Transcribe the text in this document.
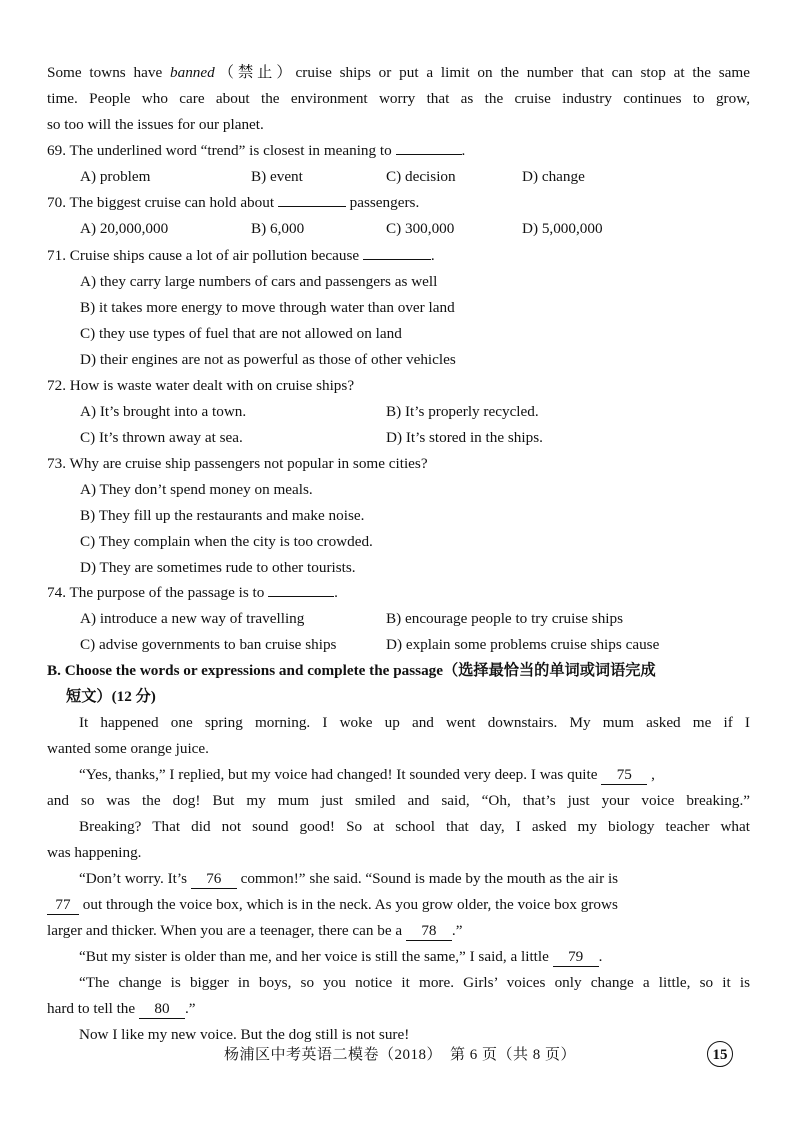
Some towns have banned（禁止）cruise ships or put a limit on the number that can stop at the same
time. People who care about the environment worry that as the cruise industry continues to grow,
so too will the issues for our planet.
69. The underlined word “trend” is closest in meaning to	.
A) problem	B) event	C) decision	D) change
70. The biggest cruise can hold about	passengers.
A) 20,000,000	B) 6,000	C) 300,000	D) 5,000,000
71. Cruise ships cause a lot of air pollution because	.
A) they carry large numbers of cars and passengers as well
B) it takes more energy to move through water than over land
C) they use types of fuel that are not allowed on land
D) their engines are not as powerful as those of other vehicles
72. How is waste water dealt with on cruise ships?
A) It’s brought into a town.	B) It’s properly recycled.
C) It’s thrown away at sea.	D) It’s stored in the ships.
73. Why are cruise ship passengers not popular in some cities?
A) They don’t spend money on meals.
B) They fill up the restaurants and make noise.
C) They complain when the city is too crowded.
D) They are sometimes rude to other tourists.
74. The purpose of the passage is to	.
A) introduce a new way of travelling	B) encourage people to try cruise ships
C) advise governments to ban cruise ships	D) explain some problems cruise ships cause
B. Choose the words or expressions and complete the passage（选择最恰当的单词或词语完成
短文）(12 分)
It happened one spring morning. I woke up and went downstairs. My mum asked me if I
wanted some orange juice.
“Yes, thanks,” I replied, but my voice had changed! It sounded very deep. I was quite 75 ,
and so was the dog! But my mum just smiled and said, “Oh, that’s just your voice breaking.”
Breaking? That did not sound good! So at school that day, I asked my biology teacher what
was happening.
“Don’t worry. It’s 76 common!” she said. “Sound is made by the mouth as the air is
77 out through the voice box, which is in the neck. As you grow older, the voice box grows
larger and thicker. When you are a teenager, there can be a 78 .”
“But my sister is older than me, and her voice is still the same,” I said, a little 79 .
“The change is bigger in boys, so you notice it more. Girls’ voices only change a little, so it is
hard to tell the 80 .”
Now I like my new voice. But the dog still is not sure!
杨浦区中考英语二模卷（2018）　第 6 页（共 8 页）	15
